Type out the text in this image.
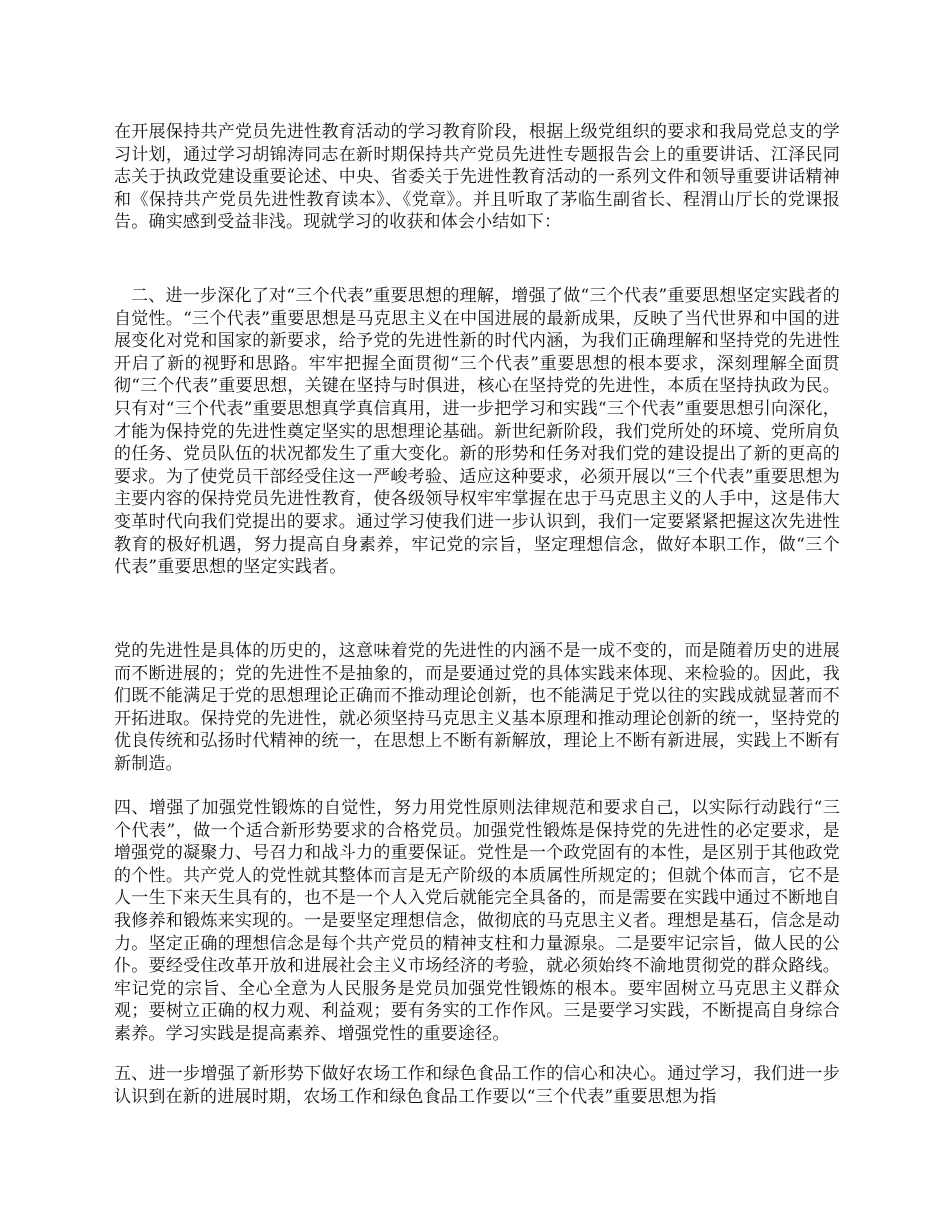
在开展保持共产党员先进性教育活动的学习教育阶段，根据上级党组织的要求和我局党总支的学习计划，通过学习胡锦涛同志在新时期保持共产党员先进性专题报告会上的重要讲话、江泽民同志关于执政党建设重要论述、中央、省委关于先进性教育活动的一系列文件和领导重要讲话精神和《保持共产党员先进性教育读本》、《党章》。并且听取了茅临生副省长、程渭山厅长的党课报告。确实感到受益非浅。现就学习的收获和体会小结如下：

二、进一步深化了对“三个代表”重要思想的理解，增强了做“三个代表”重要思想坚定实践者的自觉性。“三个代表”重要思想是马克思主义在中国进展的最新成果，反映了当代世界和中国的进展变化对党和国家的新要求，给予党的先进性新的时代内涵，为我们正确理解和坚持党的先进性开启了新的视野和思路。牢牢把握全面贯彻“三个代表”重要思想的根本要求，深刻理解全面贯彻“三个代表”重要思想，关键在坚持与时俱进，核心在坚持党的先进性，本质在坚持执政为民。只有对“三个代表”重要思想真学真信真用，进一步把学习和实践“三个代表”重要思想引向深化，才能为保持党的先进性奠定坚实的思想理论基础。新世纪新阶段，我们党所处的环境、党所肩负的任务、党员队伍的状况都发生了重大变化。新的形势和任务对我们党的建设提出了新的更高的要求。为了使党员干部经受住这一严峻考验、适应这种要求，必须开展以“三个代表”重要思想为主要内容的保持党员先进性教育，使各级领导权牢牢掌握在忠于马克思主义的人手中，这是伟大变革时代向我们党提出的要求。通过学习使我们进一步认识到，我们一定要紧紧把握这次先进性教育的极好机遇，努力提高自身素养，牢记党的宗旨，坚定理想信念，做好本职工作，做“三个代表”重要思想的坚定实践者。

党的先进性是具体的历史的，这意味着党的先进性的内涵不是一成不变的，而是随着历史的进展而不断进展的；党的先进性不是抽象的，而是要通过党的具体实践来体现、来检验的。因此，我们既不能满足于党的思想理论正确而不推动理论创新，也不能满足于党以往的实践成就显著而不开拓进取。保持党的先进性，就必须坚持马克思主义基本原理和推动理论创新的统一，坚持党的优良传统和弘扬时代精神的统一，在思想上不断有新解放，理论上不断有新进展，实践上不断有新制造。

四、增强了加强党性锻炼的自觉性，努力用党性原则法律规范和要求自己，以实际行动践行“三个代表”，做一个适合新形势要求的合格党员。加强党性锻炼是保持党的先进性的必定要求，是增强党的凝聚力、号召力和战斗力的重要保证。党性是一个政党固有的本性，是区别于其他政党的个性。共产党人的党性就其整体而言是无产阶级的本质属性所规定的；但就个体而言，它不是人一生下来天生具有的，也不是一个人入党后就能完全具备的，而是需要在实践中通过不断地自我修养和锻炼来实现的。一是要坚定理想信念，做彻底的马克思主义者。理想是基石，信念是动力。坚定正确的理想信念是每个共产党员的精神支柱和力量源泉。二是要牢记宗旨，做人民的公仆。要经受住改革开放和进展社会主义市场经济的考验，就必须始终不渝地贯彻党的群众路线。牢记党的宗旨、全心全意为人民服务是党员加强党性锻炼的根本。要牢固树立马克思主义群众观；要树立正确的权力观、利益观；要有务实的工作作风。三是要学习实践，不断提高自身综合素养。学习实践是提高素养、增强党性的重要途径。

五、进一步增强了新形势下做好农场工作和绿色食品工作的信心和决心。通过学习，我们进一步认识到在新的进展时期，农场工作和绿色食品工作要以“三个代表”重要思想为指
